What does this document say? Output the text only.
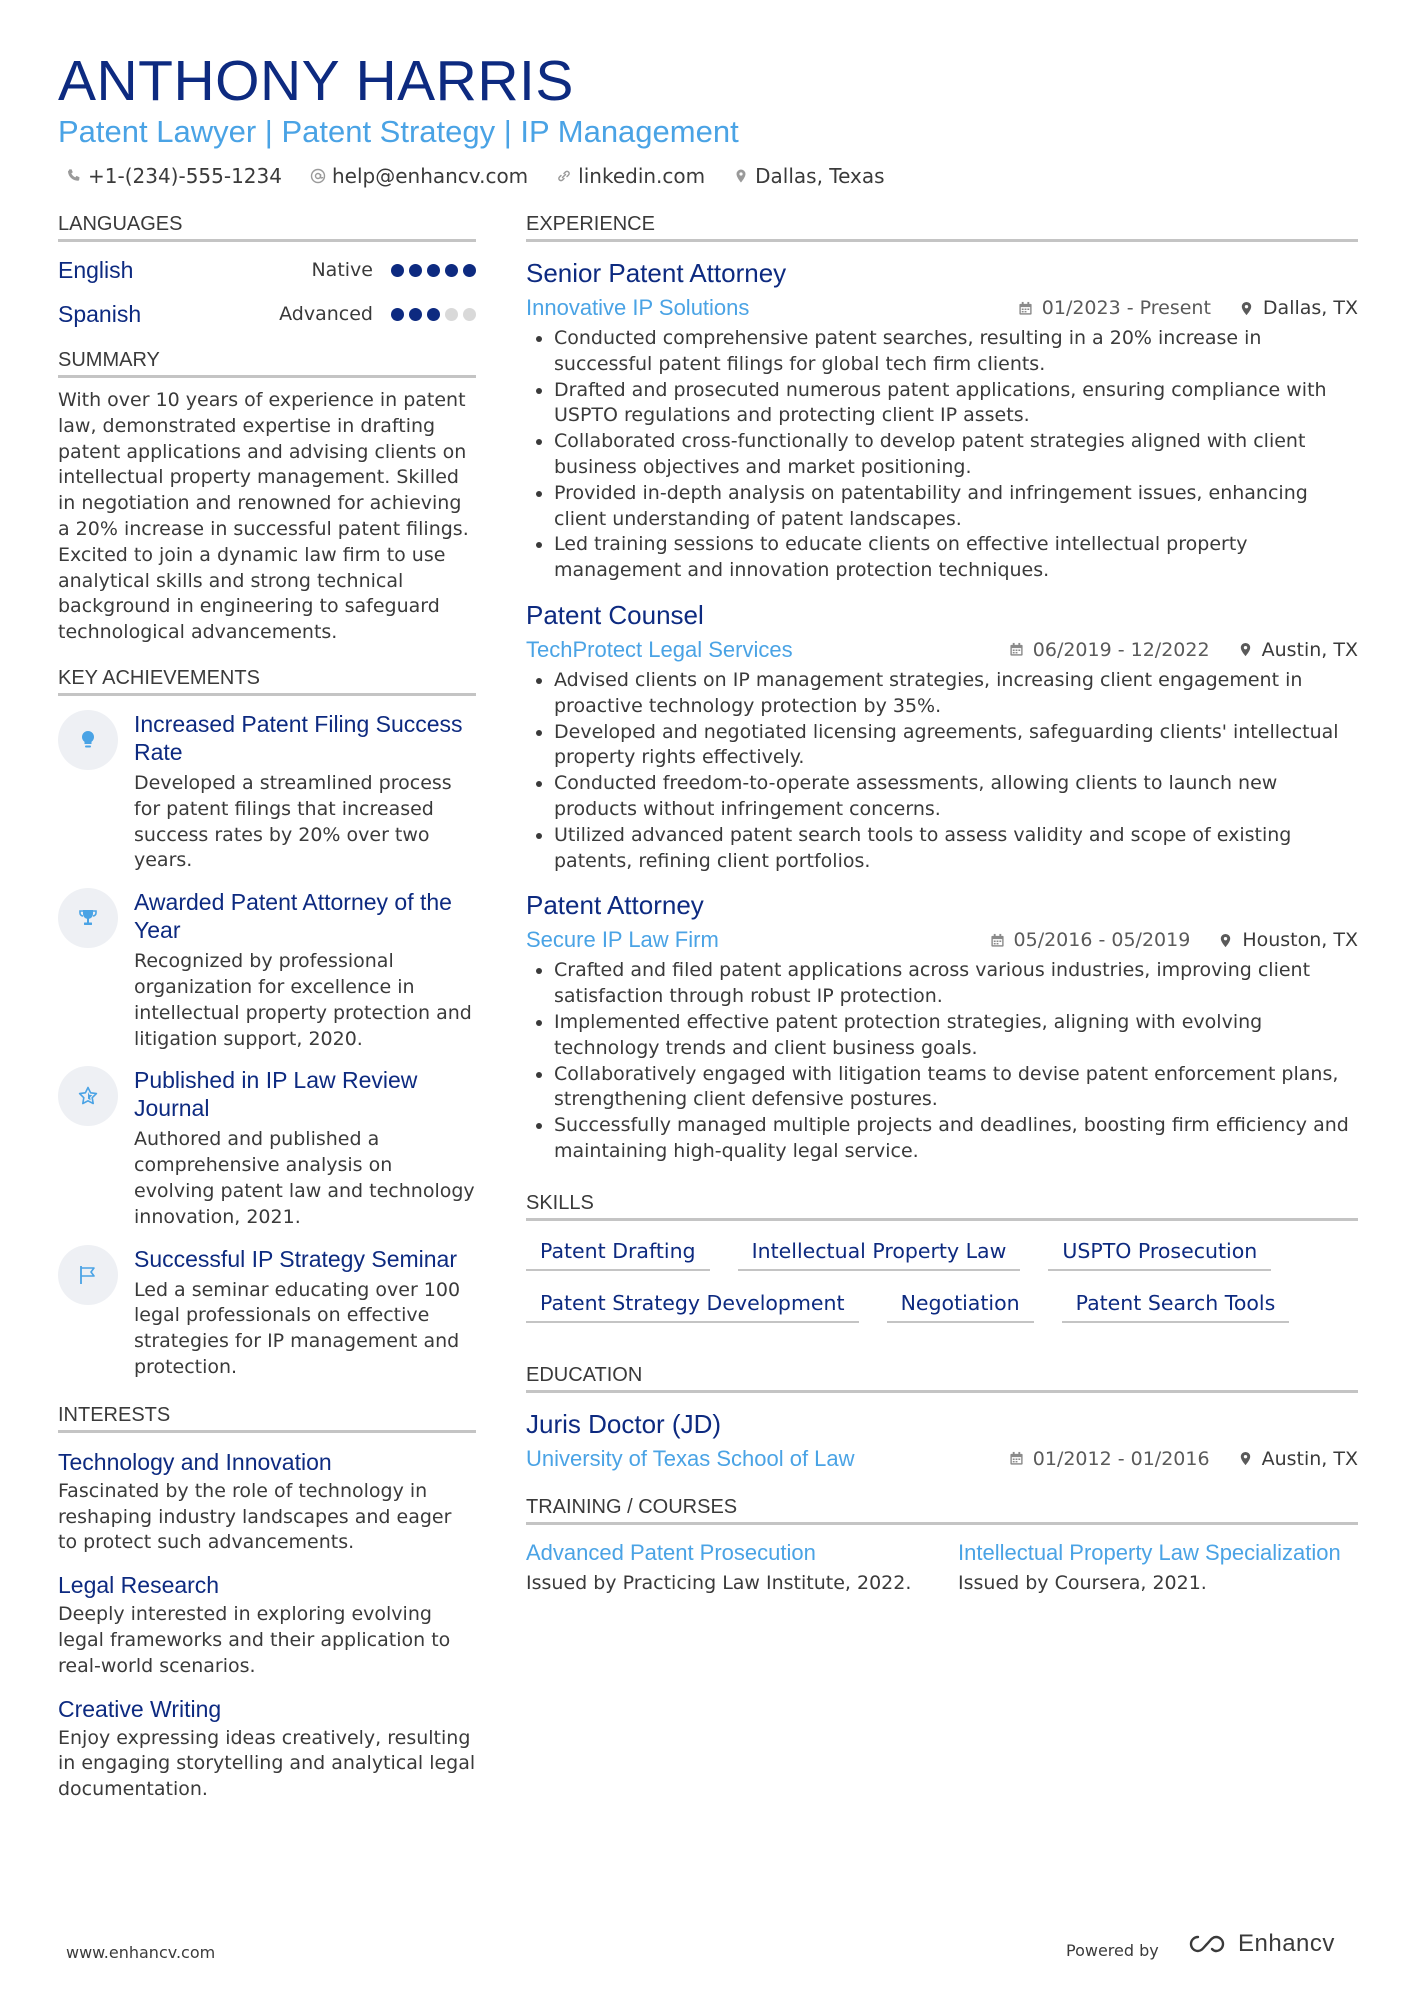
ANTHONY HARRIS
Patent Lawyer | Patent Strategy | IP Management
+1-(234)-555-1234	help@enhancv.com	linkedin.com	Dallas, Texas
LANGUAGES
English	Native
Spanish	Advanced
SUMMARY
With over 10 years of experience in patent law, demonstrated expertise in drafting patent applications and advising clients on intellectual property management. Skilled in negotiation and renowned for achieving a 20% increase in successful patent filings. Excited to join a dynamic law firm to use analytical skills and strong technical background in engineering to safeguard technological advancements.
KEY ACHIEVEMENTS
Increased Patent Filing Success Rate
Developed a streamlined process for patent filings that increased success rates by 20% over two years.
Awarded Patent Attorney of the Year
Recognized by professional organization for excellence in intellectual property protection and litigation support, 2020.
Published in IP Law Review Journal
Authored and published a comprehensive analysis on evolving patent law and technology innovation, 2021.
Successful IP Strategy Seminar
Led a seminar educating over 100 legal professionals on effective strategies for IP management and protection.
INTERESTS
Technology and Innovation
Fascinated by the role of technology in reshaping industry landscapes and eager to protect such advancements.
Legal Research
Deeply interested in exploring evolving legal frameworks and their application to real-world scenarios.
Creative Writing
Enjoy expressing ideas creatively, resulting in engaging storytelling and analytical legal documentation.
EXPERIENCE
Senior Patent Attorney
Innovative IP Solutions	01/2023 - Present	Dallas, TX
• Conducted comprehensive patent searches, resulting in a 20% increase in successful patent filings for global tech firm clients.
• Drafted and prosecuted numerous patent applications, ensuring compliance with USPTO regulations and protecting client IP assets.
• Collaborated cross-functionally to develop patent strategies aligned with client business objectives and market positioning.
• Provided in-depth analysis on patentability and infringement issues, enhancing client understanding of patent landscapes.
• Led training sessions to educate clients on effective intellectual property management and innovation protection techniques.
Patent Counsel
TechProtect Legal Services	06/2019 - 12/2022	Austin, TX
• Advised clients on IP management strategies, increasing client engagement in proactive technology protection by 35%.
• Developed and negotiated licensing agreements, safeguarding clients' intellectual property rights effectively.
• Conducted freedom-to-operate assessments, allowing clients to launch new products without infringement concerns.
• Utilized advanced patent search tools to assess validity and scope of existing patents, refining client portfolios.
Patent Attorney
Secure IP Law Firm	05/2016 - 05/2019	Houston, TX
• Crafted and filed patent applications across various industries, improving client satisfaction through robust IP protection.
• Implemented effective patent protection strategies, aligning with evolving technology trends and client business goals.
• Collaboratively engaged with litigation teams to devise patent enforcement plans, strengthening client defensive postures.
• Successfully managed multiple projects and deadlines, boosting firm efficiency and maintaining high-quality legal service.
SKILLS
Patent Drafting	Intellectual Property Law	USPTO Prosecution
Patent Strategy Development	Negotiation	Patent Search Tools
EDUCATION
Juris Doctor (JD)
University of Texas School of Law	01/2012 - 01/2016	Austin, TX
TRAINING / COURSES
Advanced Patent Prosecution
Issued by Practicing Law Institute, 2022.
Intellectual Property Law Specialization
Issued by Coursera, 2021.
www.enhancv.com	Powered by	Enhancv
